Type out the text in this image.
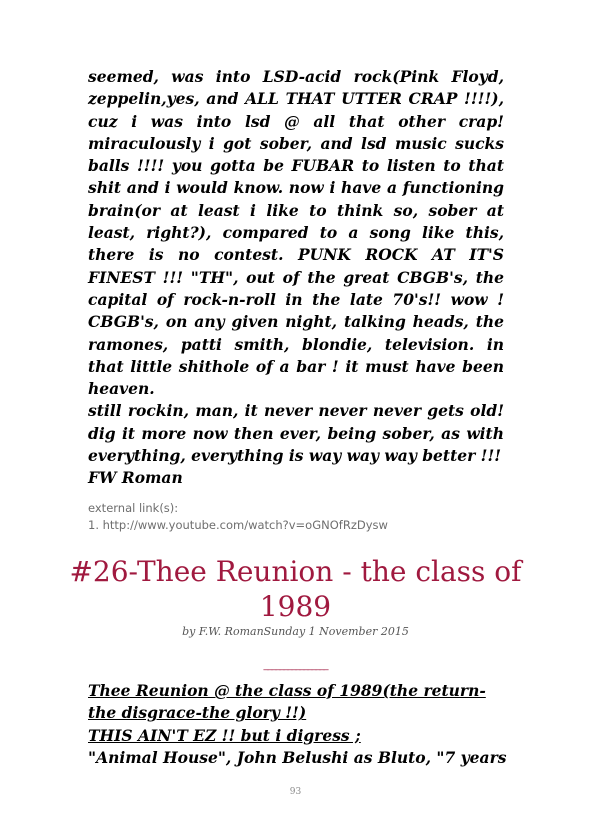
seemed, was into LSD-acid rock(Pink Floyd, zeppelin,yes, and ALL THAT UTTER CRAP !!!!), cuz i was into lsd @ all that other crap! miraculously i got sober, and lsd music sucks balls !!!! you gotta be FUBAR to listen to that shit and i would know. now i have a functioning brain(or at least i like to think so, sober at least, right?), compared to a song like this, there is no contest. PUNK ROCK AT IT'S FINEST !!! "TH", out of the great CBGB's, the capital of rock-n-roll in the late 70's!! wow ! CBGB's, on any given night, talking heads, the ramones, patti smith, blondie, television. in that little shithole of a bar ! it must have been heaven.

still rockin, man, it never never never gets old! dig it more now then ever, being sober, as with everything, everything is way way way better !!!

FW Roman

external link(s):
1. http://www.youtube.com/watch?v=oGNOfRzDysw
#26-Thee Reunion - the class of 1989
by F.W. RomanSunday 1 November 2015
________________
Thee Reunion @ the class of 1989(the return-the disgrace-the glory !!)
THIS AIN'T EZ !! but i digress ;
"Animal House", John Belushi as Bluto, "7 years
93
